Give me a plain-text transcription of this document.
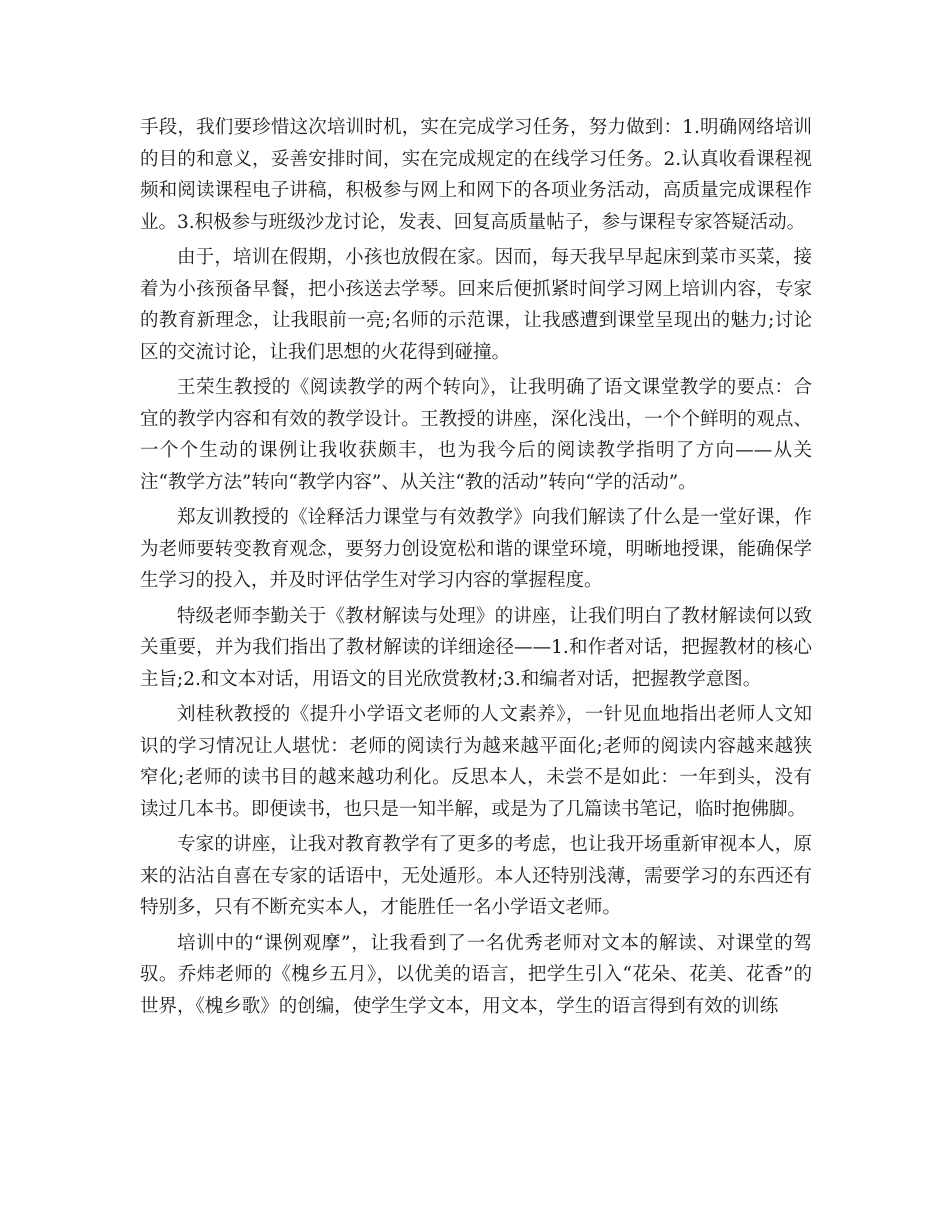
手段，我们要珍惜这次培训时机，实在完成学习任务，努力做到：1.明确网络培训的目的和意义，妥善安排时间，实在完成规定的在线学习任务。2.认真收看课程视频和阅读课程电子讲稿，积极参与网上和网下的各项业务活动，高质量完成课程作业。3.积极参与班级沙龙讨论，发表、回复高质量帖子，参与课程专家答疑活动。

由于，培训在假期，小孩也放假在家。因而，每天我早早起床到菜市买菜，接着为小孩预备早餐，把小孩送去学琴。回来后便抓紧时间学习网上培训内容，专家的教育新理念，让我眼前一亮;名师的示范课，让我感遭到课堂呈现出的魅力;讨论区的交流讨论，让我们思想的火花得到碰撞。

王荣生教授的《阅读教学的两个转向》，让我明确了语文课堂教学的要点：合宜的教学内容和有效的教学设计。王教授的讲座，深化浅出，一个个鲜明的观点、一个个生动的课例让我收获颇丰，也为我今后的阅读教学指明了方向——从关注“教学方法”转向“教学内容”、从关注“教的活动”转向“学的活动”。

郑友训教授的《诠释活力课堂与有效教学》向我们解读了什么是一堂好课，作为老师要转变教育观念，要努力创设宽松和谐的课堂环境，明晰地授课，能确保学生学习的投入，并及时评估学生对学习内容的掌握程度。

特级老师李勤关于《教材解读与处理》的讲座，让我们明白了教材解读何以致关重要，并为我们指出了教材解读的详细途径——1.和作者对话，把握教材的核心主旨;2.和文本对话，用语文的目光欣赏教材;3.和编者对话，把握教学意图。

刘桂秋教授的《提升小学语文老师的人文素养》，一针见血地指出老师人文知识的学习情况让人堪忧：老师的阅读行为越来越平面化;老师的阅读内容越来越狭窄化;老师的读书目的越来越功利化。反思本人，未尝不是如此：一年到头，没有读过几本书。即便读书，也只是一知半解，或是为了几篇读书笔记，临时抱佛脚。

专家的讲座，让我对教育教学有了更多的考虑，也让我开场重新审视本人，原来的沾沾自喜在专家的话语中，无处遁形。本人还特别浅薄，需要学习的东西还有特别多，只有不断充实本人，才能胜任一名小学语文老师。

培训中的“课例观摩”，让我看到了一名优秀老师对文本的解读、对课堂的驾驭。乔炜老师的《槐乡五月》，以优美的语言，把学生引入“花朵、花美、花香”的世界，《槐乡歌》的创编，使学生学文本，用文本，学生的语言得到有效的训练
